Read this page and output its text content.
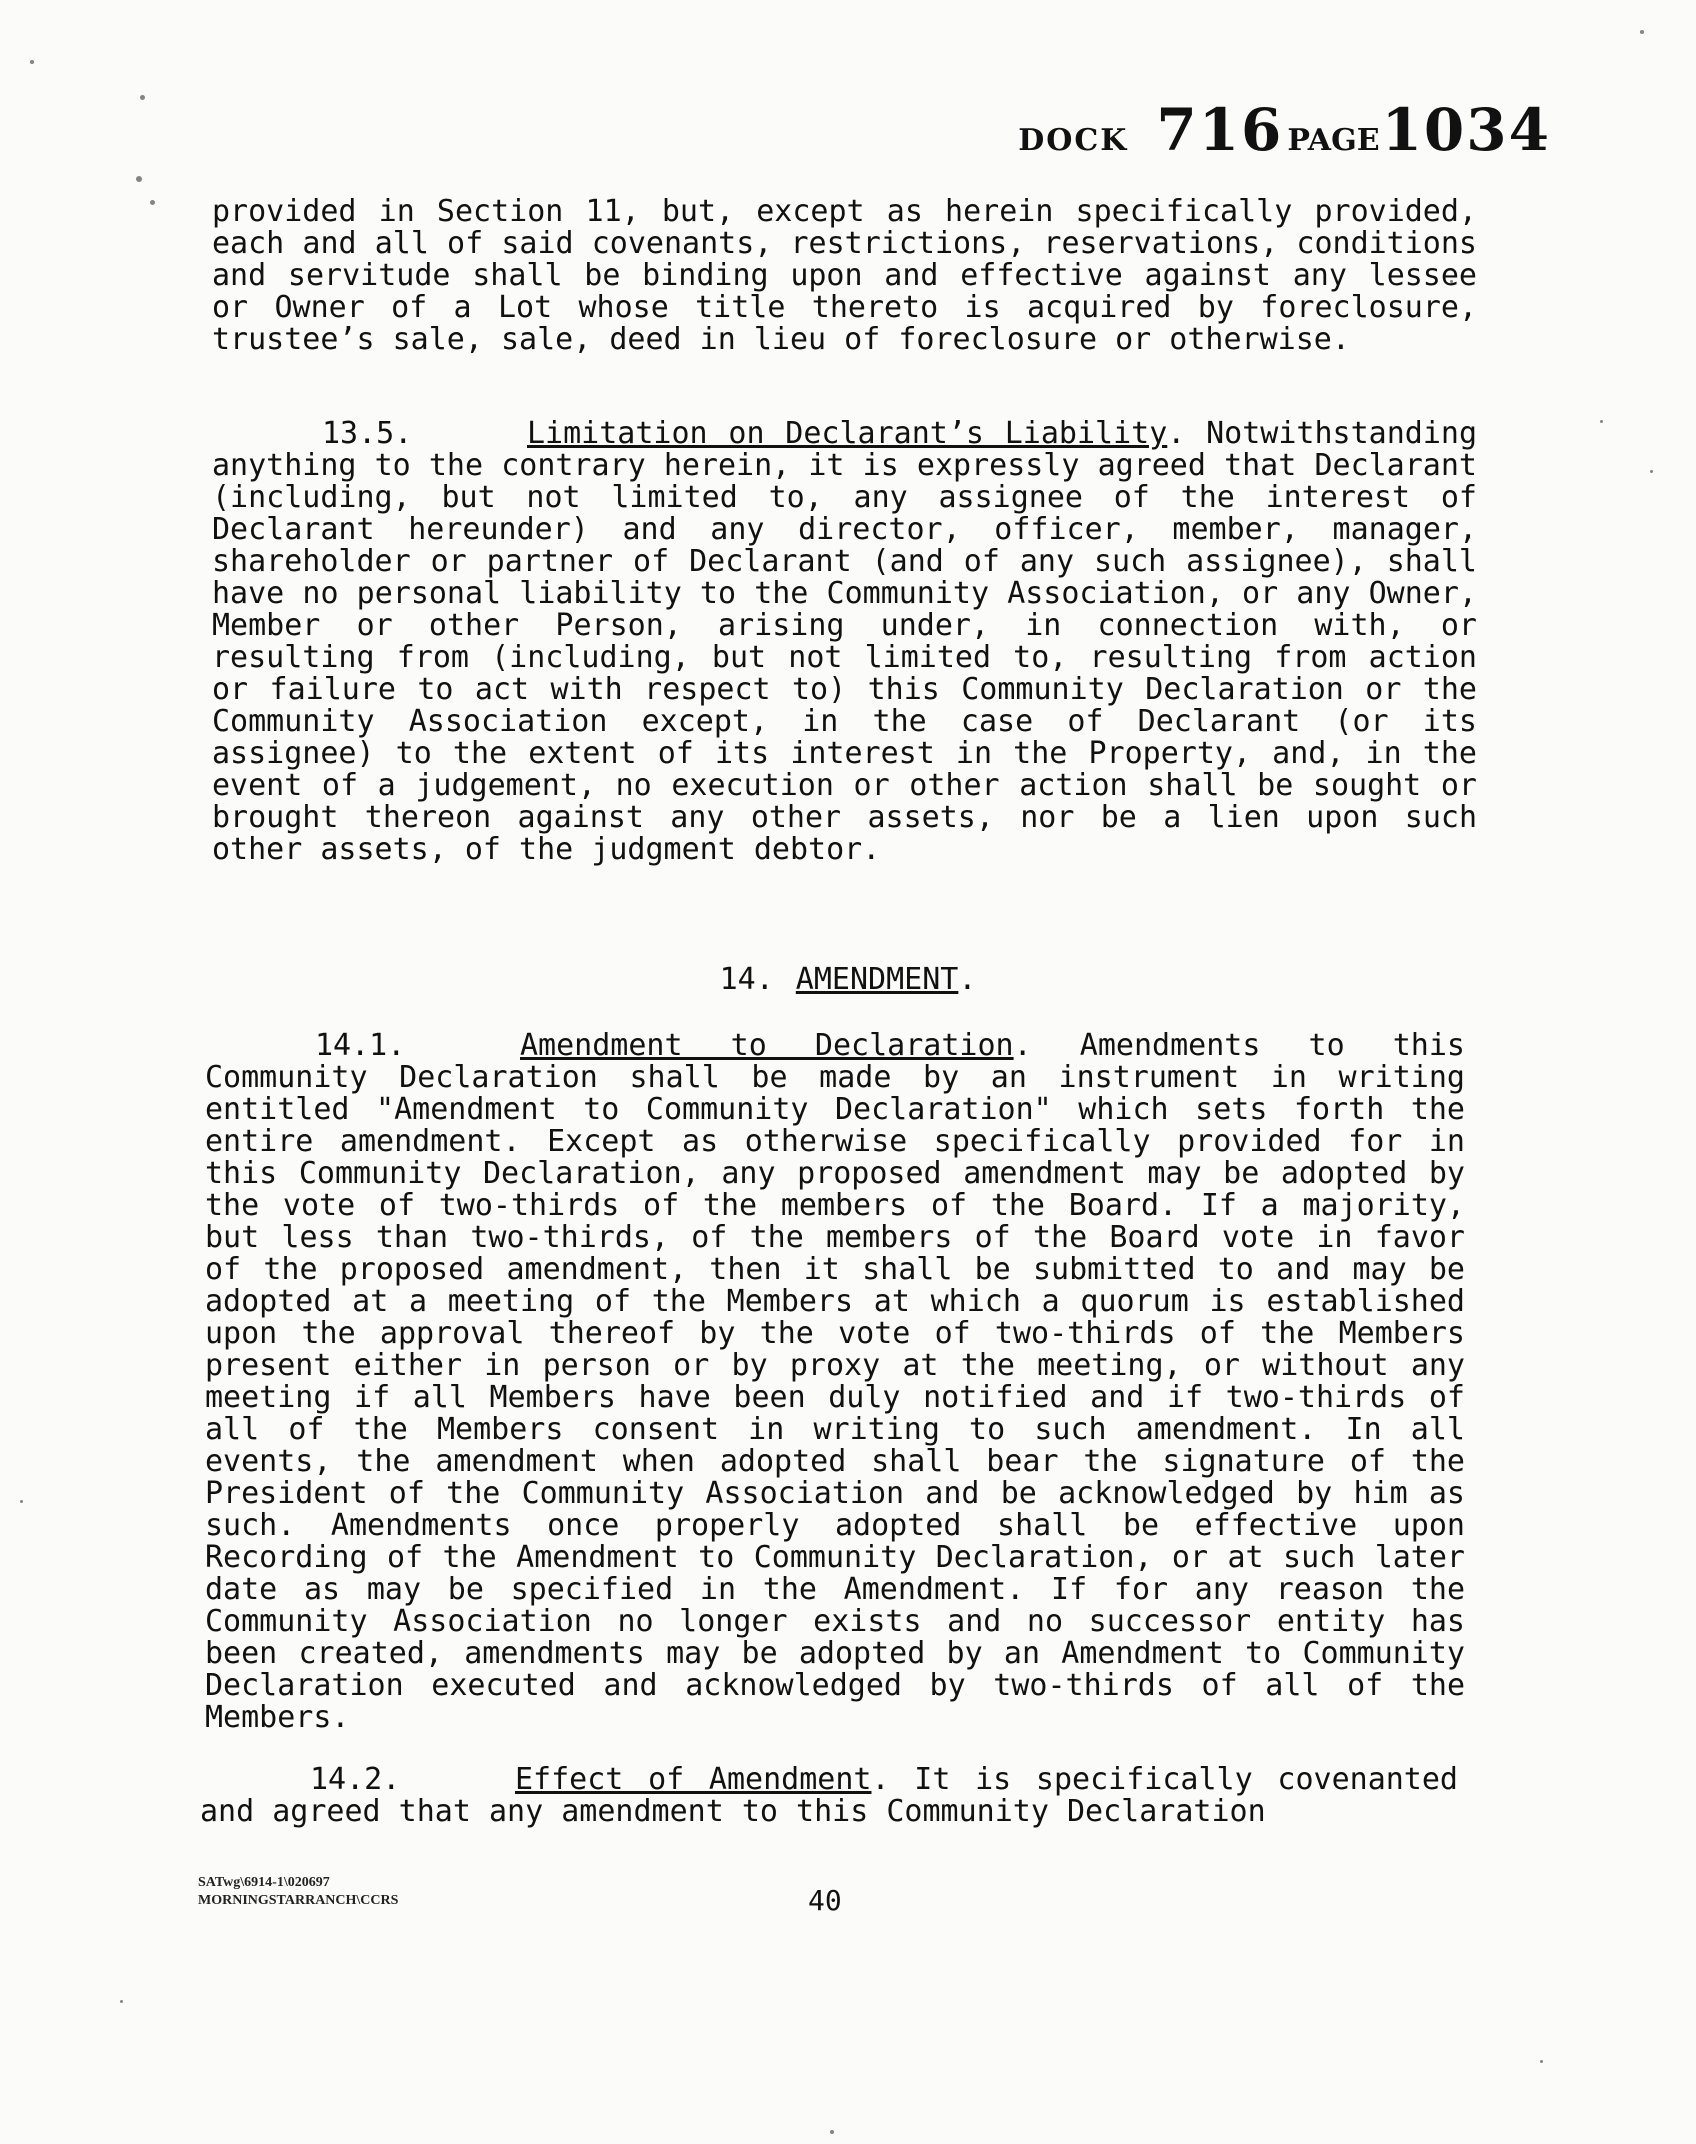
DOCK 716 PAGE 1034
provided in Section 11, but, except as herein specifically provided, each and all of said covenants, restrictions, reservations, conditions and servitude shall be binding upon and effective against any lessee or Owner of a Lot whose title thereto is acquired by foreclosure, trustee’s sale, sale, deed in lieu of foreclosure or otherwise.
13.5.	Limitation on Declarant’s Liability. Notwithstanding anything to the contrary herein, it is expressly agreed that Declarant (including, but not limited to, any assignee of the interest of Declarant hereunder) and any director, officer, member, manager, shareholder or partner of Declarant (and of any such assignee), shall have no personal liability to the Community Association, or any Owner, Member or other Person, arising under, in connection with, or resulting from (including, but not limited to, resulting from action or failure to act with respect to) this Community Declaration or the Community Association except, in the case of Declarant (or its assignee) to the extent of its interest in the Property, and, in the event of a judgement, no execution or other action shall be sought or brought thereon against any other assets, nor be a lien upon such other assets, of the judgment debtor.
14. AMENDMENT.
14.1.	Amendment to Declaration. Amendments to this Community Declaration shall be made by an instrument in writing entitled "Amendment to Community Declaration" which sets forth the entire amendment. Except as otherwise specifically provided for in this Community Declaration, any proposed amendment may be adopted by the vote of two-thirds of the members of the Board. If a majority, but less than two-thirds, of the members of the Board vote in favor of the proposed amendment, then it shall be submitted to and may be adopted at a meeting of the Members at which a quorum is established upon the approval thereof by the vote of two-thirds of the Members present either in person or by proxy at the meeting, or without any meeting if all Members have been duly notified and if two-thirds of all of the Members consent in writing to such amendment. In all events, the amendment when adopted shall bear the signature of the President of the Community Association and be acknowledged by him as such. Amendments once properly adopted shall be effective upon Recording of the Amendment to Community Declaration, or at such later date as may be specified in the Amendment. If for any reason the Community Association no longer exists and no successor entity has been created, amendments may be adopted by an Amendment to Community Declaration executed and acknowledged by two-thirds of all of the Members.
14.2.	Effect of Amendment. It is specifically covenanted and agreed that any amendment to this Community Declaration
SATwg\6914-1\020697
MORNINGSTARRANCH\CCRS	40
